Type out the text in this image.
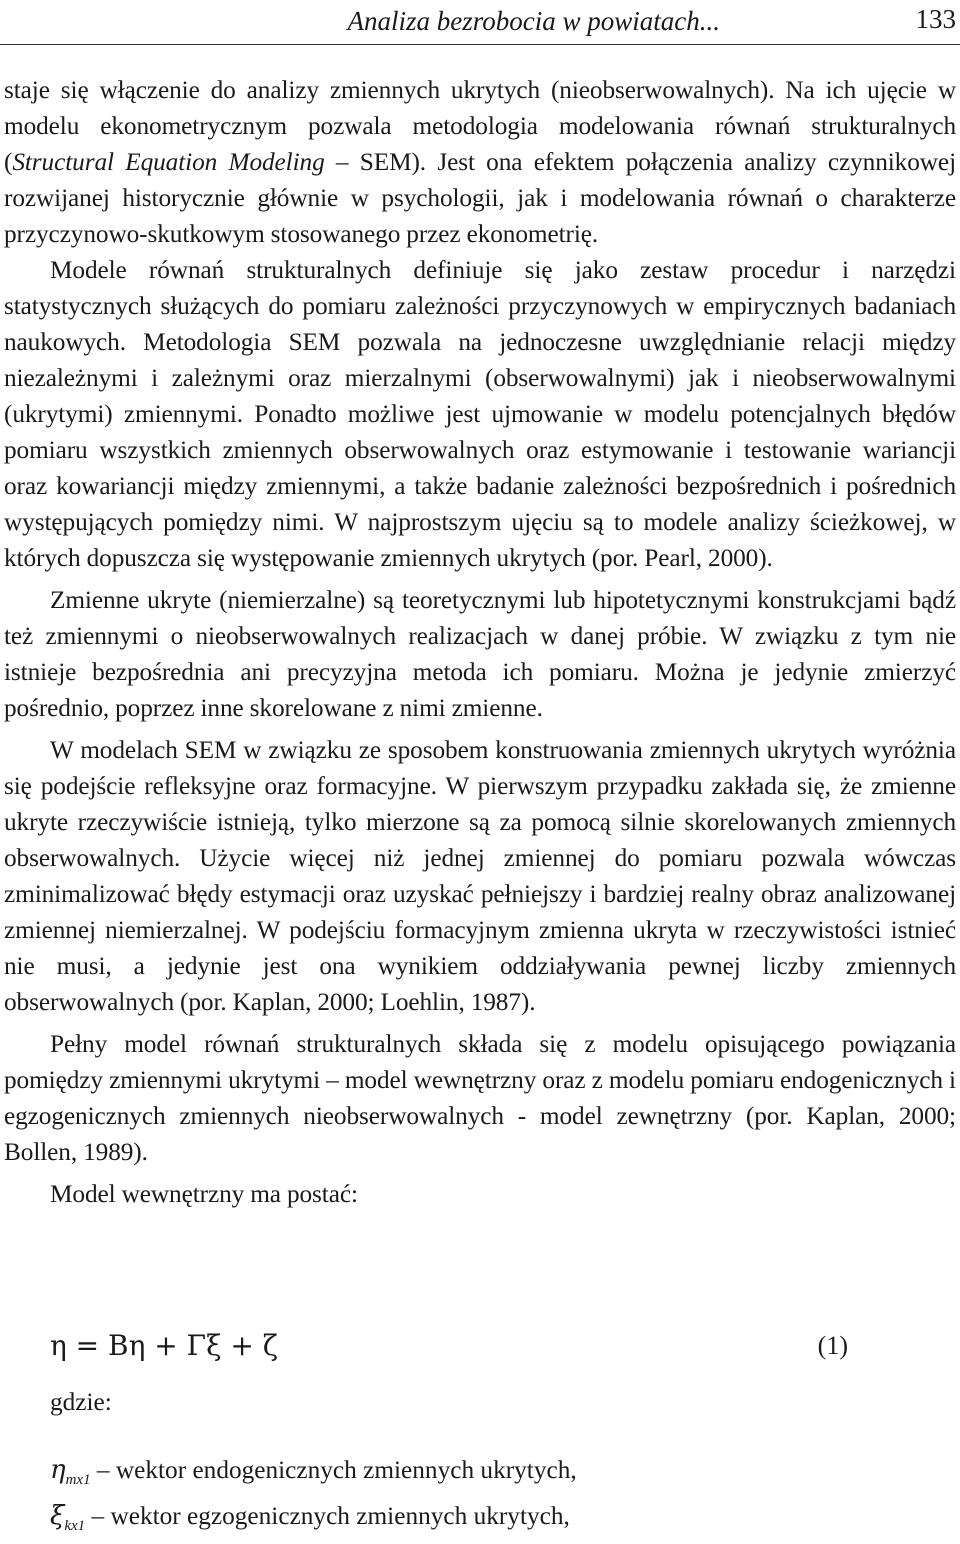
Analiza bezrobocia w powiatach...	133

staje się włączenie do analizy zmiennych ukrytych (nieobserwowalnych). Na ich ujęcie w modelu ekonometrycznym pozwala metodologia modelowania równań strukturalnych (Structural Equation Modeling – SEM). Jest ona efektem połączenia analizy czynnikowej rozwijanej historycznie głównie w psychologii, jak i modelowania równań o charakterze przyczynowo-skutkowym stosowanego przez ekonometrię.

Modele równań strukturalnych definiuje się jako zestaw procedur i narzędzi statystycznych służących do pomiaru zależności przyczynowych w empirycznych badaniach naukowych. Metodologia SEM pozwala na jednoczesne uwzględnianie relacji między niezależnymi i zależnymi oraz mierzalnymi (obserwowalnymi) jak i nieobserwowalnymi (ukrytymi) zmiennymi. Ponadto możliwe jest ujmowanie w modelu potencjalnych błędów pomiaru wszystkich zmiennych obserwowalnych oraz estymowanie i testowanie wariancji oraz kowariancji między zmiennymi, a także badanie zależności bezpośrednich i pośrednich występujących pomiędzy nimi. W najprostszym ujęciu są to modele analizy ścieżkowej, w których dopuszcza się występowanie zmiennych ukrytych (por. Pearl, 2000).

Zmienne ukryte (niemierzalne) są teoretycznymi lub hipotetycznymi konstrukcjami bądź też zmiennymi o nieobserwowalnych realizacjach w danej próbie. W związku z tym nie istnieje bezpośrednia ani precyzyjna metoda ich pomiaru. Można je jedynie zmierzyć pośrednio, poprzez inne skorelowane z nimi zmienne.

W modelach SEM w związku ze sposobem konstruowania zmiennych ukrytych wyróżnia się podejście refleksyjne oraz formacyjne. W pierwszym przypadku zakłada się, że zmienne ukryte rzeczywiście istnieją, tylko mierzone są za pomocą silnie skorelowanych zmiennych obserwowalnych. Użycie więcej niż jednej zmiennej do pomiaru pozwala wówczas zminimalizować błędy estymacji oraz uzyskać pełniejszy i bardziej realny obraz analizowanej zmiennej niemierzalnej. W podejściu formacyjnym zmienna ukryta w rzeczywistości istnieć nie musi, a jedynie jest ona wynikiem oddziaływania pewnej liczby zmiennych obserwowalnych (por. Kaplan, 2000; Loehlin, 1987).

Pełny model równań strukturalnych składa się z modelu opisującego powiązania pomiędzy zmiennymi ukrytymi – model wewnętrzny oraz z modelu pomiaru endogenicznych i egzogenicznych zmiennych nieobserwowalnych - model zewnętrzny (por. Kaplan, 2000; Bollen, 1989).

Model wewnętrzny ma postać:

η = Bη + Γξ + ζ	(1)
gdzie:
$\eta_{mx1}$ – wektor endogenicznych zmiennych ukrytych,
$\xi_{kx1}$ – wektor egzogenicznych zmiennych ukrytych,
